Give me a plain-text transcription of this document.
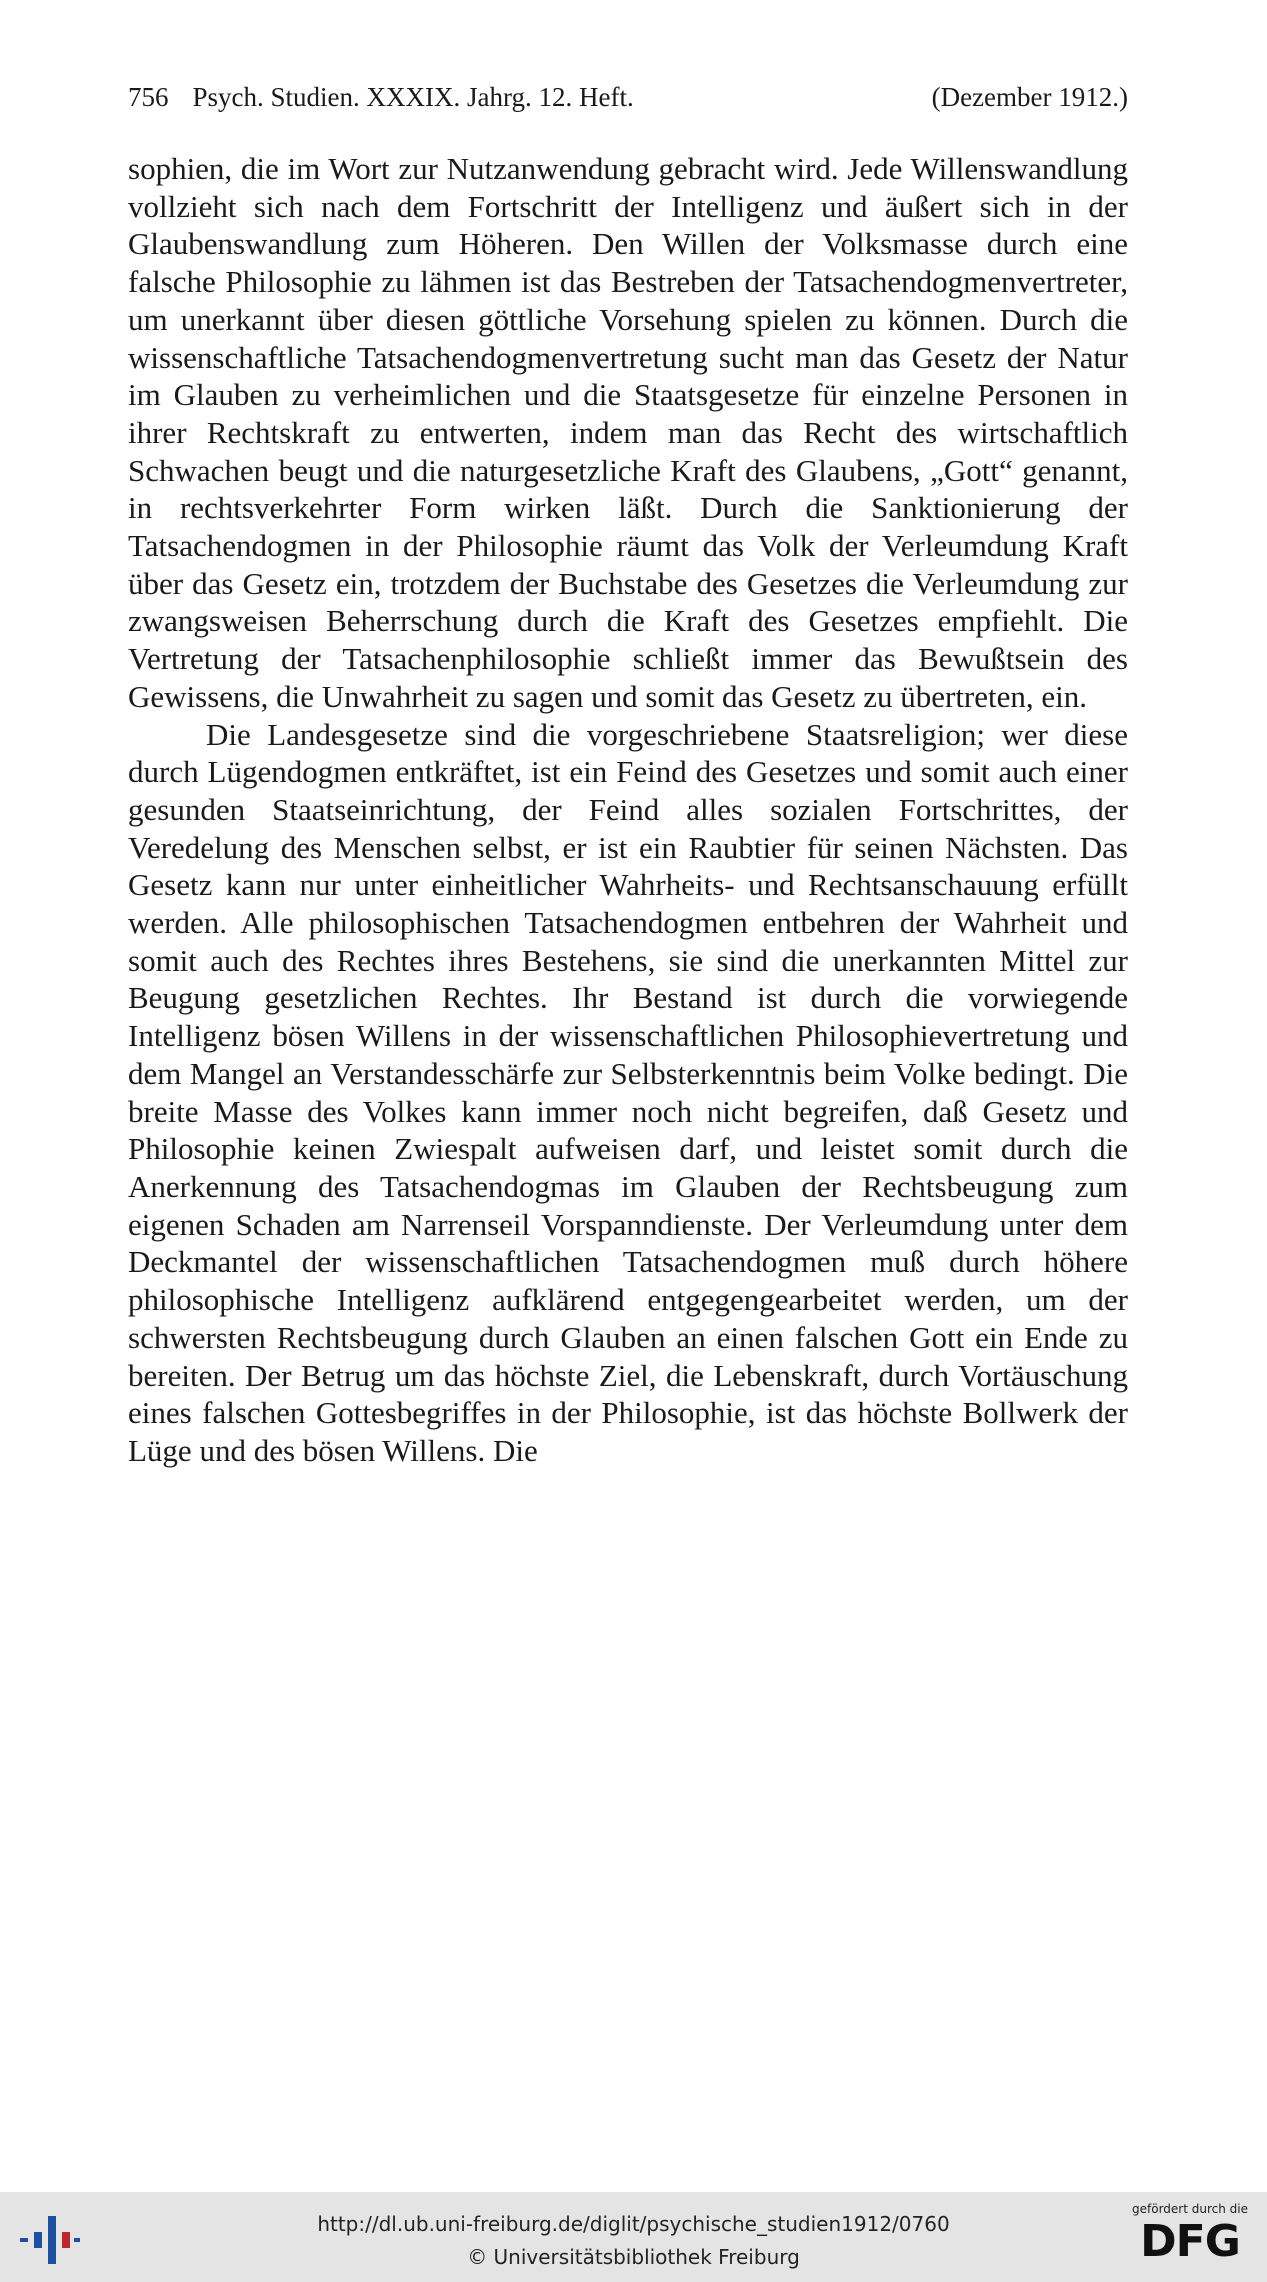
756 Psych. Studien. XXXIX. Jahrg. 12. Heft.	(Dezember 1912.)

sophien, die im Wort zur Nutzanwendung gebracht wird. Jede Willenswandlung vollzieht sich nach dem Fortschritt der Intelligenz und äußert sich in der Glaubenswandlung zum Höheren. Den Willen der Volksmasse durch eine falsche Philosophie zu lähmen ist das Bestreben der Tatsachendogmenvertreter, um unerkannt über diesen göttliche Vorsehung spielen zu können. Durch die wissenschaftliche Tatsachendogmenvertretung sucht man das Gesetz der Natur im Glauben zu verheimlichen und die Staatsgesetze für einzelne Personen in ihrer Rechtskraft zu entwerten, indem man das Recht des wirtschaftlich Schwachen beugt und die naturgesetzliche Kraft des Glaubens, „Gott“ genannt, in rechtsverkehrter Form wirken läßt. Durch die Sanktionierung der Tatsachendogmen in der Philosophie räumt das Volk der Verleumdung Kraft über das Gesetz ein, trotzdem der Buchstabe des Gesetzes die Verleumdung zur zwangsweisen Beherrschung durch die Kraft des Gesetzes empfiehlt. Die Vertretung der Tatsachenphilosophie schließt immer das Bewußtsein des Gewissens, die Unwahrheit zu sagen und somit das Gesetz zu übertreten, ein.

Die Landesgesetze sind die vorgeschriebene Staatsreligion; wer diese durch Lügendogmen entkräftet, ist ein Feind des Gesetzes und somit auch einer gesunden Staatseinrichtung, der Feind alles sozialen Fortschrittes, der Veredelung des Menschen selbst, er ist ein Raubtier für seinen Nächsten. Das Gesetz kann nur unter einheitlicher Wahrheits- und Rechtsanschauung erfüllt werden. Alle philosophischen Tatsachendogmen entbehren der Wahrheit und somit auch des Rechtes ihres Bestehens, sie sind die unerkannten Mittel zur Beugung gesetzlichen Rechtes. Ihr Bestand ist durch die vorwiegende Intelligenz bösen Willens in der wissenschaftlichen Philosophievertretung und dem Mangel an Verstandesschärfe zur Selbsterkenntnis beim Volke bedingt. Die breite Masse des Volkes kann immer noch nicht begreifen, daß Gesetz und Philosophie keinen Zwiespalt aufweisen darf, und leistet somit durch die Anerkennung des Tatsachendogmas im Glauben der Rechtsbeugung zum eigenen Schaden am Narrenseil Vorspanndienste. Der Verleumdung unter dem Deckmantel der wissenschaftlichen Tatsachendogmen muß durch höhere philosophische Intelligenz aufklärend entgegengearbeitet werden, um der schwersten Rechtsbeugung durch Glauben an einen falschen Gott ein Ende zu bereiten. Der Betrug um das höchste Ziel, die Lebenskraft, durch Vortäuschung eines falschen Gottesbegriffes in der Philosophie, ist das höchste Bollwerk der Lüge und des bösen Willens. Die

http://dl.ub.uni-freiburg.de/diglit/psychische_studien1912/0760
© Universitätsbibliothek Freiburg
gefördert durch die
DFG
